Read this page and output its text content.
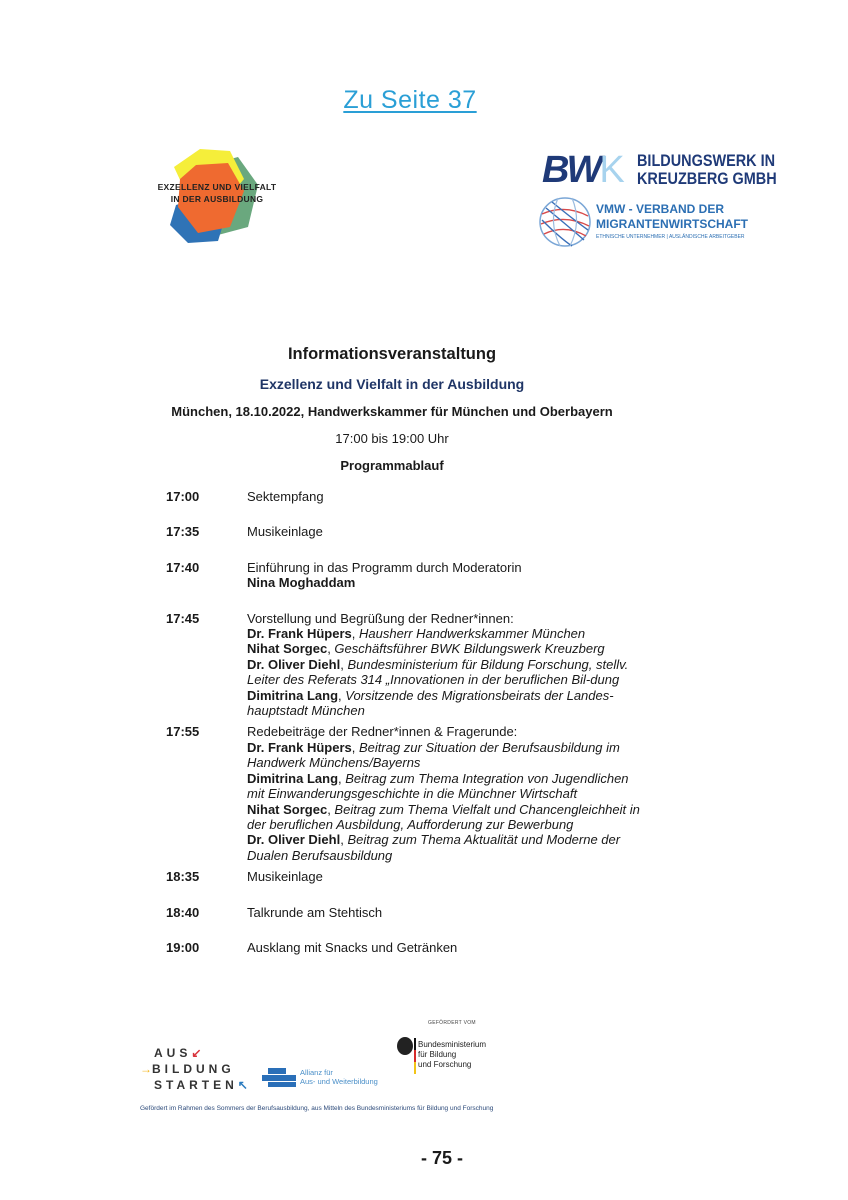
Zu Seite 37
EXZELLENZ UND VIELFALT
IN DER AUSBILDUNG
BWK BILDUNGSWERK IN
KREUZBERG GMBH
VMW - VERBAND DER
MIGRANTENWIRTSCHAFT
ETHNISCHE UNTERNEHMER | AUSLÄNDISCHE ARBEITGEBER
Informationsveranstaltung
Exzellenz und Vielfalt in der Ausbildung
München, 18.10.2022, Handwerkskammer für München und Oberbayern
17:00 bis 19:00 Uhr
Programmablauf
17:00	Sektempfang
17:35	Musikeinlage
17:40	Einführung in das Programm durch Moderatorin
Nina Moghaddam
17:45	Vorstellung und Begrüßung der Redner*innen:
Dr. Frank Hüpers, Hausherr Handwerkskammer München
Nihat Sorgec, Geschäftsführer BWK Bildungswerk Kreuzberg
Dr. Oliver Diehl, Bundesministerium für Bildung Forschung, stellv. Leiter des Referats 314 „Innovationen in der beruflichen Bil-dung
Dimitrina Lang, Vorsitzende des Migrationsbeirats der Landes-hauptstadt München
17:55	Redebeiträge der Redner*innen & Fragerunde:
Dr. Frank Hüpers, Beitrag zur Situation der Berufsausbildung im Handwerk Münchens/Bayerns
Dimitrina Lang, Beitrag zum Thema Integration von Jugendlichen mit Einwanderungsgeschichte in die Münchner Wirtschaft
Nihat Sorgec, Beitrag zum Thema Vielfalt und Chancengleichheit in der beruflichen Ausbildung, Aufforderung zur Bewerbung
Dr. Oliver Diehl, Beitrag zum Thema Aktualität und Moderne der Dualen Berufsausbildung
18:35	Musikeinlage
18:40	Talkrunde am Stehtisch
19:00	Ausklang mit Snacks und Getränken
AUS↙
→BILDUNG
STARTEN↖
Allianz für
Aus- und Weiterbildung
GEFÖRDERT VOM
Bundesministerium
für Bildung
und Forschung
Gefördert im Rahmen des Sommers der Berufsausbildung, aus Mitteln des Bundesministeriums für Bildung und Forschung
- 75 -
